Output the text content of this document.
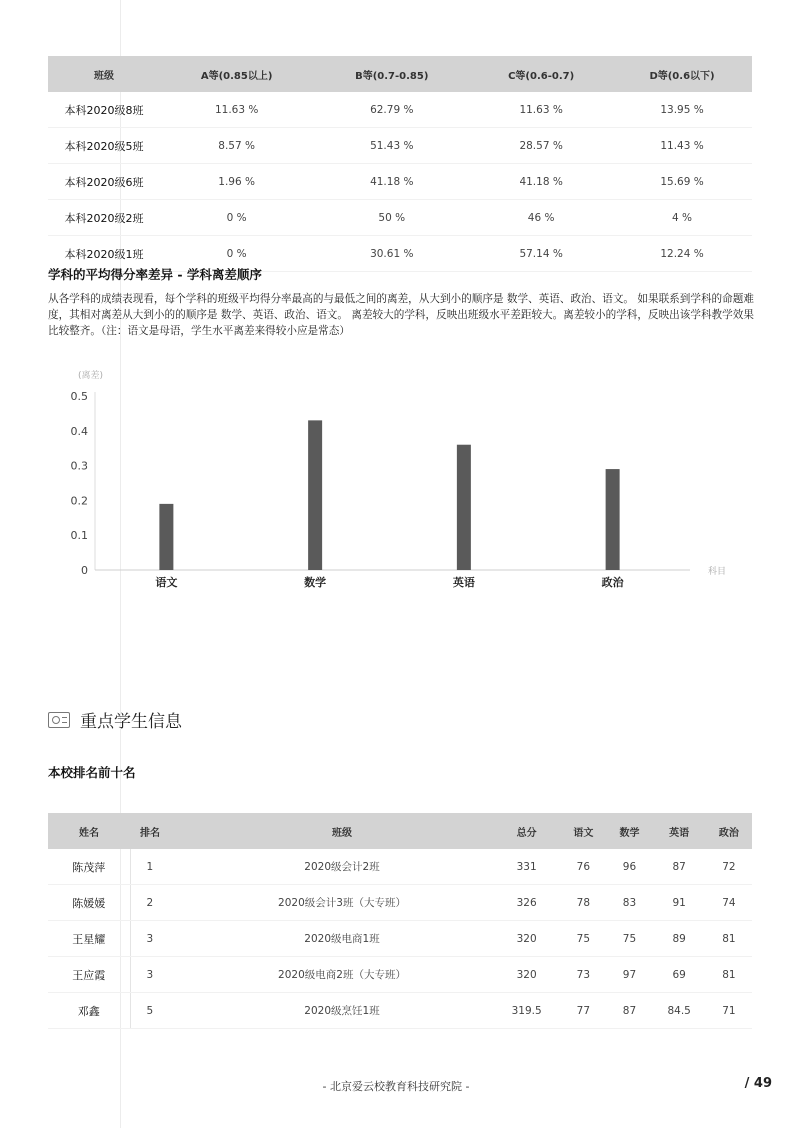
班级	A等(0.85以上)	B等(0.7-0.85)	C等(0.6-0.7)	D等(0.6以下)
本科2020级8班	11.63 %	62.79 %	11.63 %	13.95 %
本科2020级5班	8.57 %	51.43 %	28.57 %	11.43 %
本科2020级6班	1.96 %	41.18 %	41.18 %	15.69 %
本科2020级2班	0 %	50 %	46 %	4 %
本科2020级1班	0 %	30.61 %	57.14 %	12.24 %
学科的平均得分率差异 - 学科离差顺序
从各学科的成绩表现看，每个学科的班级平均得分率最高的与最低之间的离差，从大到小的顺序是 数学、英语、政治、语文。 如果联系到学科的命题难度，其相对离差从大到小的的顺序是 数学、英语、政治、语文。 离差较大的学科，反映出班级水平差距较大。离差较小的学科，反映出该学科教学效果比较整齐。（注：语文是母语，学生水平离差来得较小应是常态）
(离差)
科目
0
0.1
0.2
0.3
0.4
0.5
语文	数学	英语	政治
重点学生信息
本校排名前十名
姓名	排名	班级	总分	语文	数学	英语	政治
陈茂萍	1	2020级会计2班	331	76	96	87	72
陈媛媛	2	2020级会计3班（大专班）	326	78	83	91	74
王星耀	3	2020级电商1班	320	75	75	89	81
王应霞	3	2020级电商2班（大专班）	320	73	97	69	81
邓鑫	5	2020级烹饪1班	319.5	77	87	84.5	71
- 北京爱云校教育科技研究院 -	/ 49
